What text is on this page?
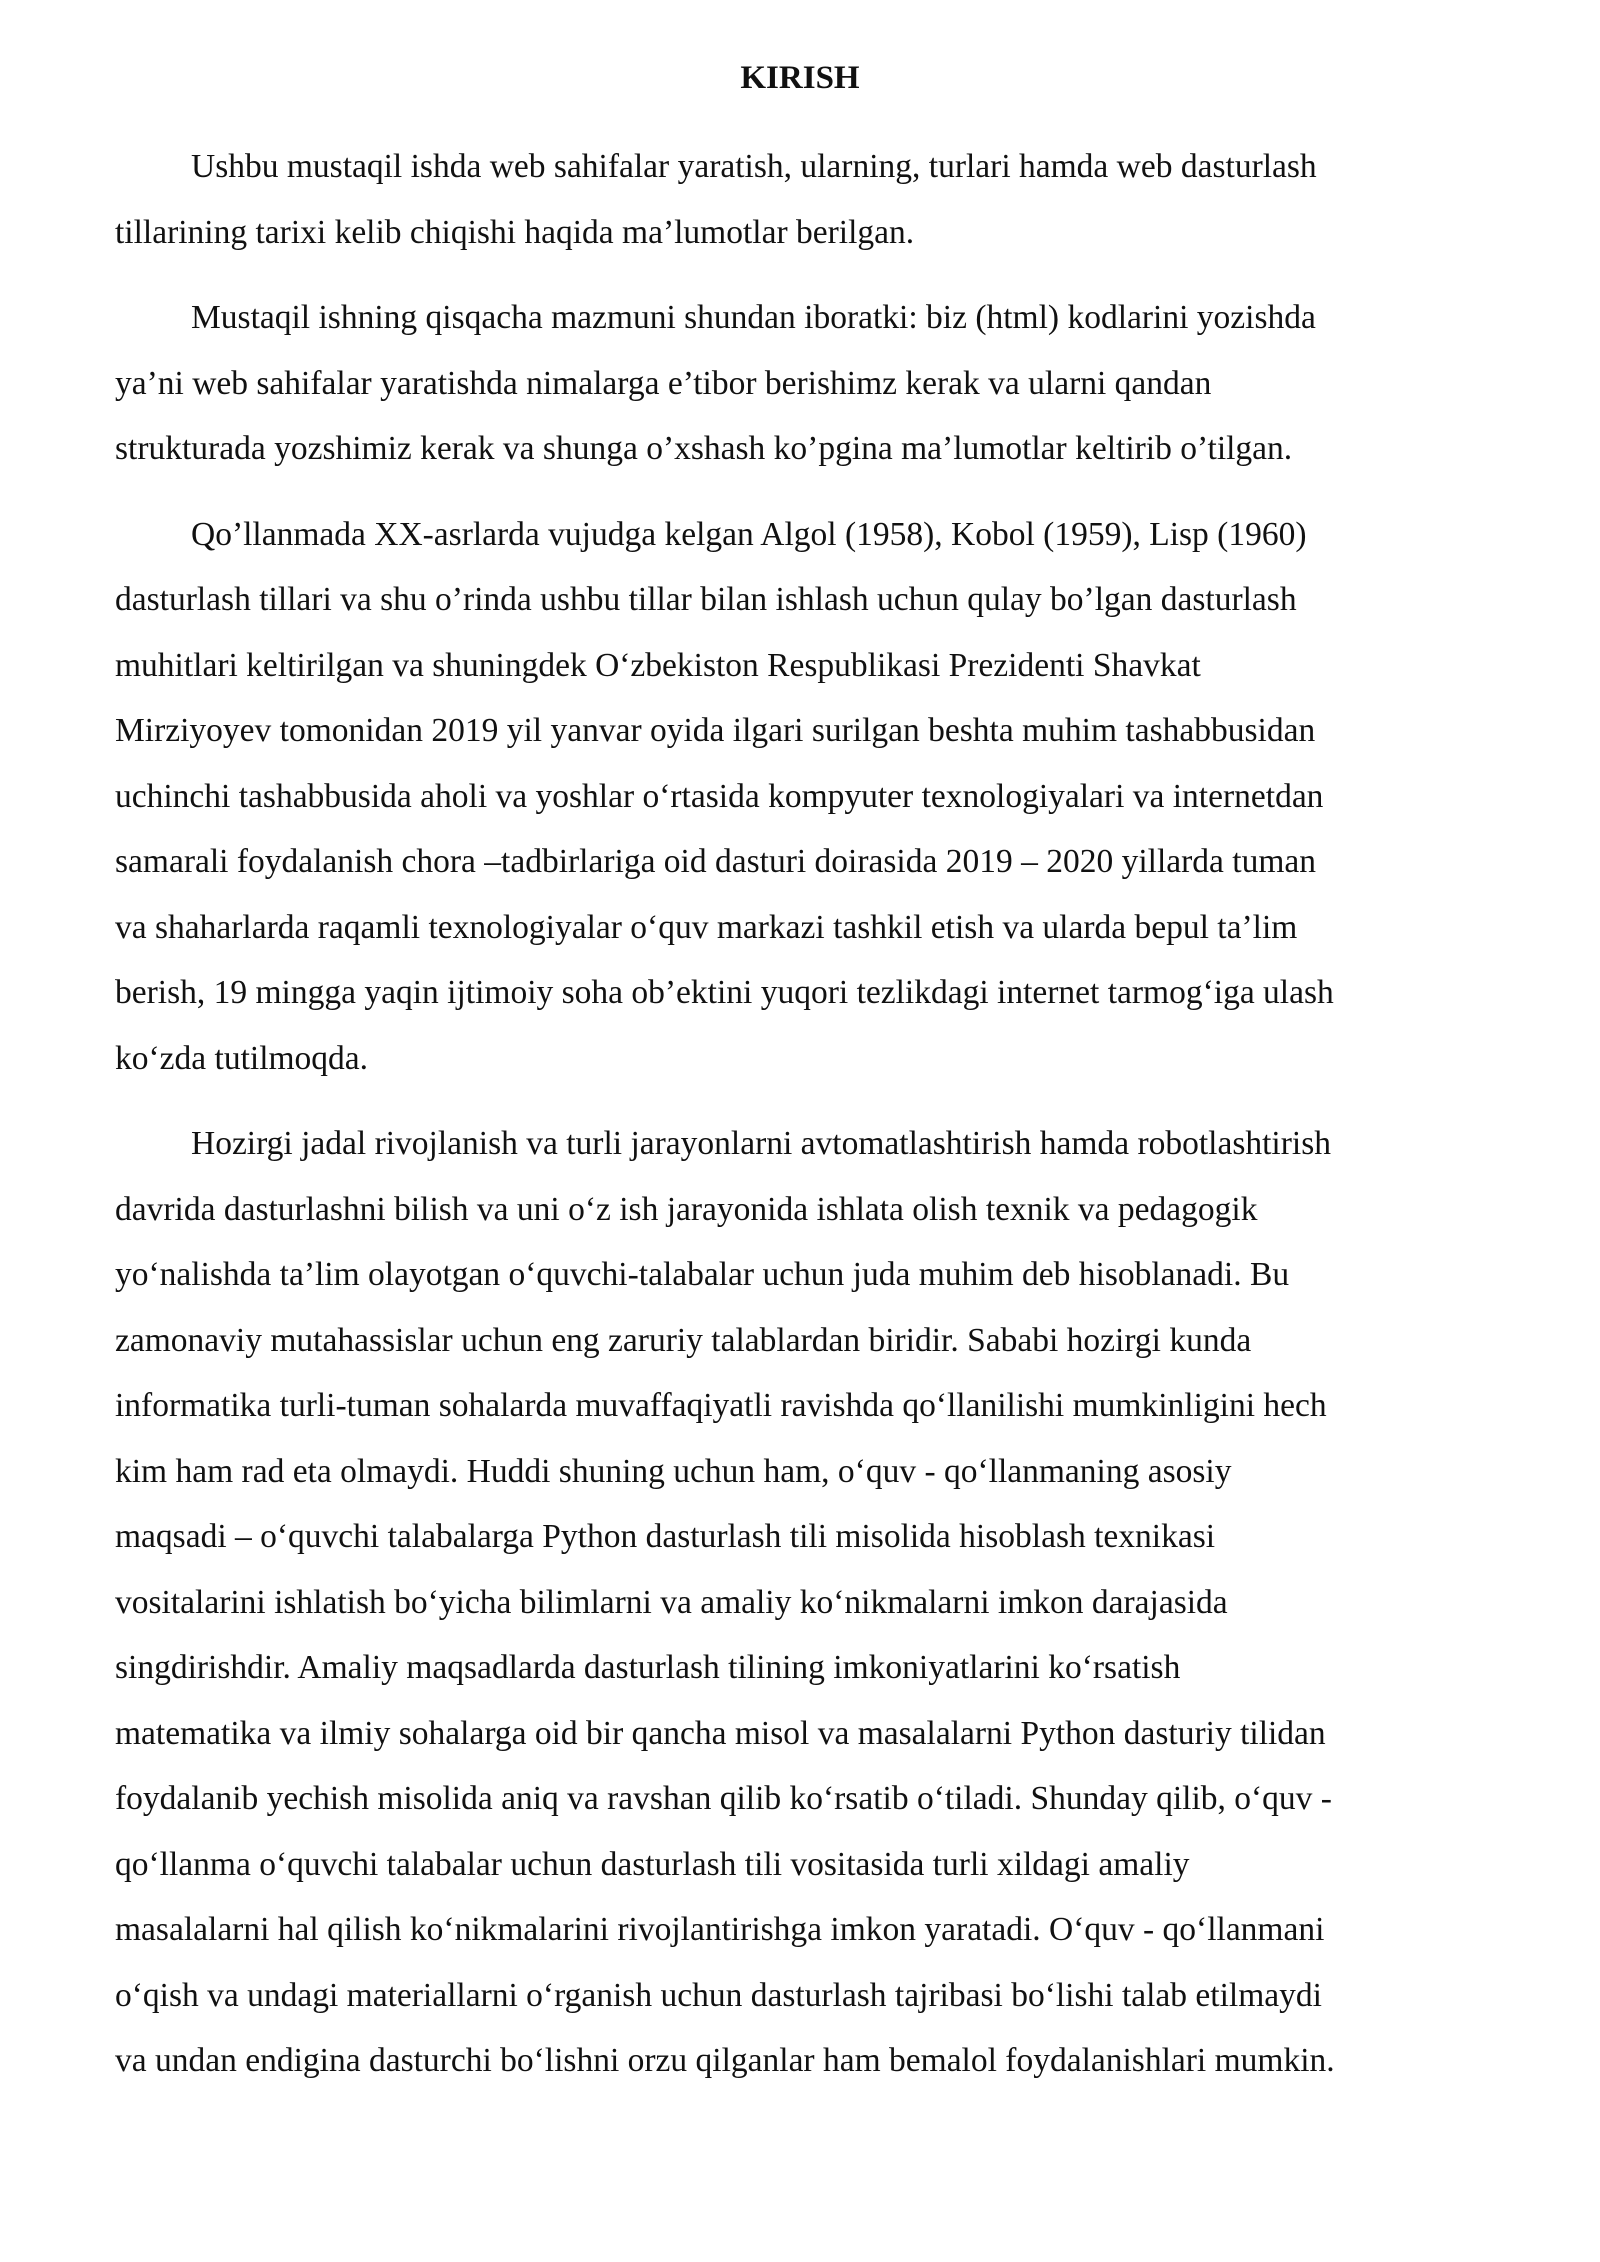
KIRISH
Ushbu mustaqil ishda web sahifalar yaratish, ularning, turlari hamda web dasturlash
tillarining tarixi kelib chiqishi haqida ma’lumotlar berilgan.
Mustaqil ishning qisqacha mazmuni shundan iboratki: biz (html) kodlarini yozishda
ya’ni web sahifalar yaratishda nimalarga e’tibor berishimz kerak va ularni qandan
strukturada yozshimiz kerak va shunga o’xshash ko’pgina ma’lumotlar keltirib o’tilgan.
Qo’llanmada XX-asrlarda vujudga kelgan Algol (1958), Kobol (1959), Lisp (1960)
dasturlash tillari va shu o’rinda ushbu tillar bilan ishlash uchun qulay bo’lgan dasturlash
muhitlari keltirilgan va shuningdek O‘zbekiston Respublikasi Prezidenti Shavkat
Mirziyoyev tomonidan 2019 yil yanvar oyida ilgari surilgan beshta muhim tashabbusidan
uchinchi tashabbusida aholi va yoshlar o‘rtasida kompyuter texnologiyalari va internetdan
samarali foydalanish chora –tadbirlariga oid dasturi doirasida 2019 – 2020 yillarda tuman
va shaharlarda raqamli texnologiyalar o‘quv markazi tashkil etish va ularda bepul ta’lim
berish, 19 mingga yaqin ijtimoiy soha ob’ektini yuqori tezlikdagi internet tarmog‘iga ulash
ko‘zda tutilmoqda.
Hozirgi jadal rivojlanish va turli jarayonlarni avtomatlashtirish hamda robotlashtirish
davrida dasturlashni bilish va uni o‘z ish jarayonida ishlata olish texnik va pedagogik
yo‘nalishda ta’lim olayotgan o‘quvchi-talabalar uchun juda muhim deb hisoblanadi. Bu
zamonaviy mutahassislar uchun eng zaruriy talablardan biridir. Sababi hozirgi kunda
informatika turli-tuman sohalarda muvaffaqiyatli ravishda qo‘llanilishi mumkinligini hech
kim ham rad eta olmaydi. Huddi shuning uchun ham, o‘quv - qo‘llanmaning asosiy
maqsadi – o‘quvchi talabalarga Python dasturlash tili misolida hisoblash texnikasi
vositalarini ishlatish bo‘yicha bilimlarni va amaliy ko‘nikmalarni imkon darajasida
singdirishdir. Amaliy maqsadlarda dasturlash tilining imkoniyatlarini ko‘rsatish
matematika va ilmiy sohalarga oid bir qancha misol va masalalarni Python dasturiy tilidan
foydalanib yechish misolida aniq va ravshan qilib ko‘rsatib o‘tiladi. Shunday qilib, o‘quv -
qo‘llanma o‘quvchi talabalar uchun dasturlash tili vositasida turli xildagi amaliy
masalalarni hal qilish ko‘nikmalarini rivojlantirishga imkon yaratadi. O‘quv - qo‘llanmani
o‘qish va undagi materiallarni o‘rganish uchun dasturlash tajribasi bo‘lishi talab etilmaydi
va undan endigina dasturchi bo‘lishni orzu qilganlar ham bemalol foydalanishlari mumkin.
